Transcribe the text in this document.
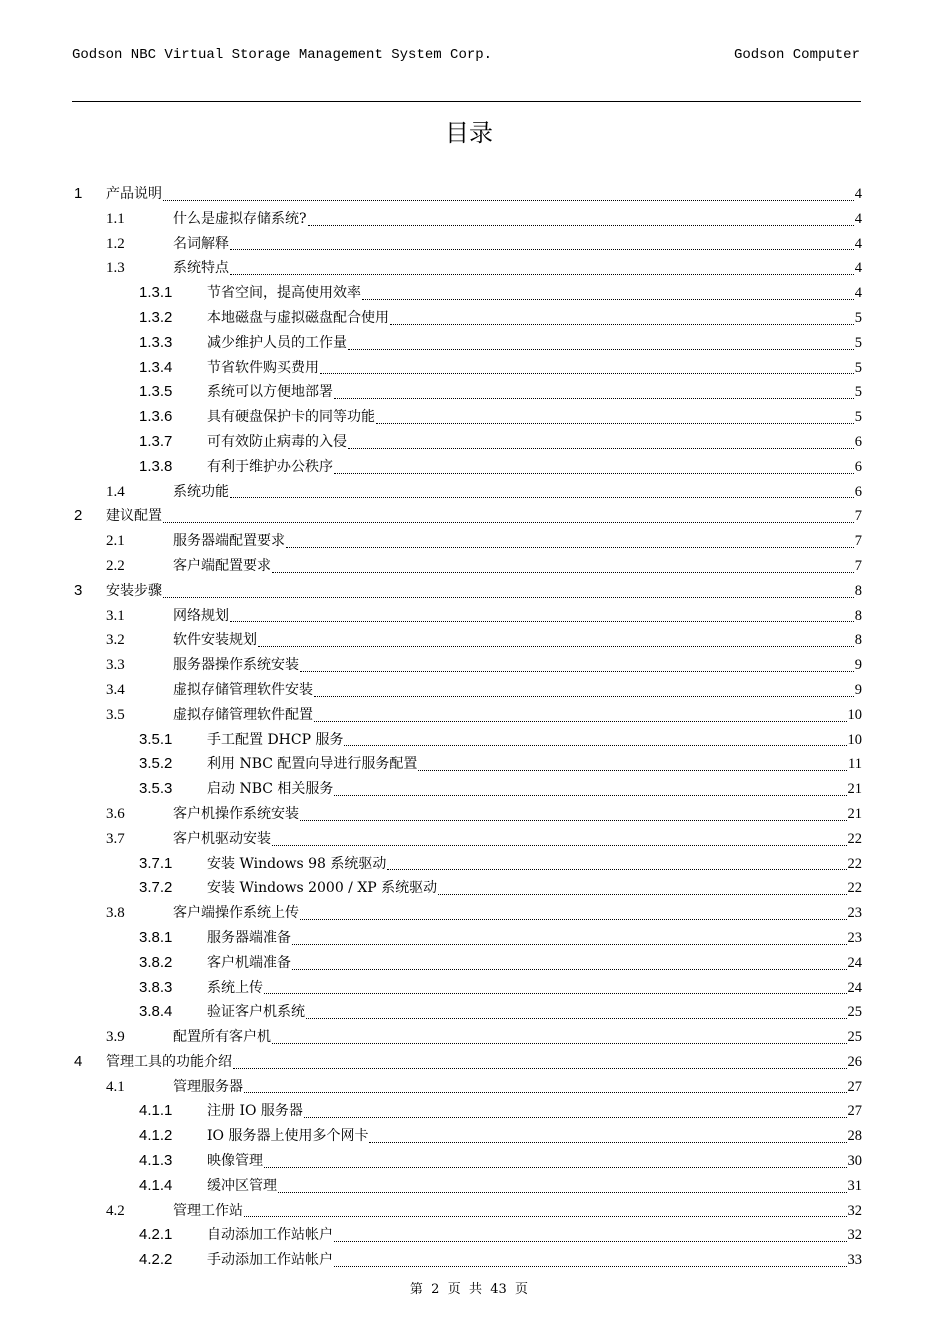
Godson NBC Virtual Storage Management System Corp.	Godson Computer
目录
1 产品说明	4
1.1	什么是虚拟存储系统?	4
1.2	名词解释	4
1.3	系统特点	4
1.3.1 节省空间，提高使用效率	4
1.3.2 本地磁盘与虚拟磁盘配合使用	5
1.3.3 减少维护人员的工作量	5
1.3.4 节省软件购买费用	5
1.3.5 系统可以方便地部署	5
1.3.6 具有硬盘保护卡的同等功能	5
1.3.7 可有效防止病毒的入侵	6
1.3.8 有利于维护办公秩序	6
1.4	系统功能	6
2 建议配置	7
2.1	服务器端配置要求	7
2.2	客户端配置要求	7
3 安装步骤	8
3.1	网络规划	8
3.2	软件安装规划	8
3.3	服务器操作系统安装	9
3.4	虚拟存储管理软件安装	9
3.5	虚拟存储管理软件配置	10
3.5.1 手工配置 DHCP 服务	10
3.5.2 利用 NBC 配置向导进行服务配置	11
3.5.3 启动 NBC 相关服务	21
3.6	客户机操作系统安装	21
3.7	客户机驱动安装	22
3.7.1 安装 Windows 98 系统驱动	22
3.7.2 安装 Windows 2000 / XP 系统驱动	22
3.8	客户端操作系统上传	23
3.8.1 服务器端准备	23
3.8.2 客户机端准备	24
3.8.3 系统上传	24
3.8.4 验证客户机系统	25
3.9	配置所有客户机	25
4 管理工具的功能介绍	26
4.1	管理服务器	27
4.1.1 注册 IO 服务器	27
4.1.2 IO 服务器上使用多个网卡	28
4.1.3 映像管理	30
4.1.4 缓冲区管理	31
4.2	管理工作站	32
4.2.1 自动添加工作站帐户	32
4.2.2 手动添加工作站帐户	33
第  2  页  共  43  页
